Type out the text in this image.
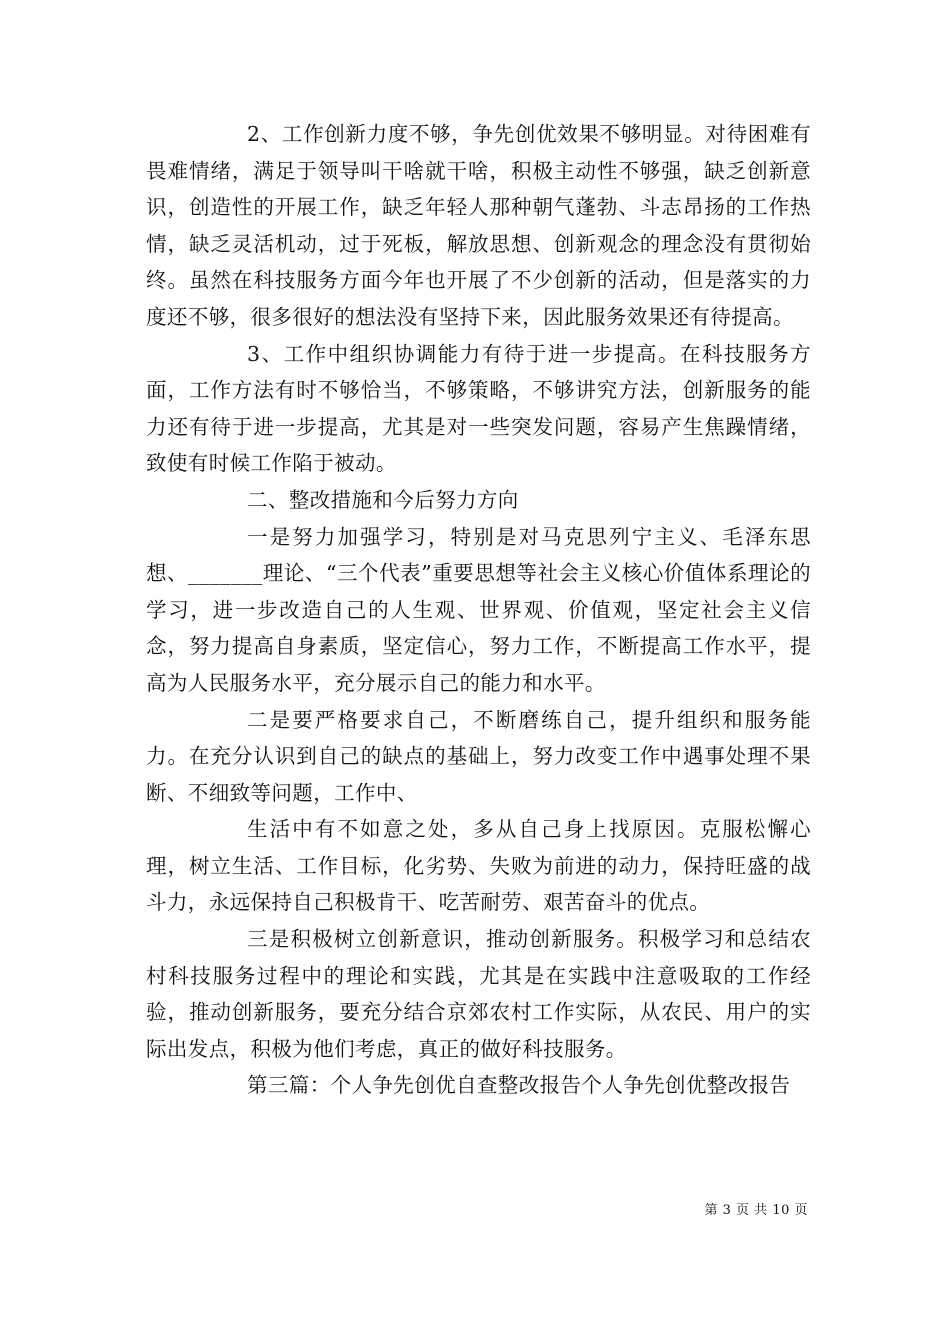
2、工作创新力度不够，争先创优效果不够明显。对待困难有畏难情绪，满足于领导叫干啥就干啥，积极主动性不够强，缺乏创新意识，创造性的开展工作，缺乏年轻人那种朝气蓬勃、斗志昂扬的工作热情，缺乏灵活机动，过于死板，解放思想、创新观念的理念没有贯彻始终。虽然在科技服务方面今年也开展了不少创新的活动，但是落实的力度还不够，很多很好的想法没有坚持下来，因此服务效果还有待提高。

3、工作中组织协调能力有待于进一步提高。在科技服务方面，工作方法有时不够恰当，不够策略，不够讲究方法，创新服务的能力还有待于进一步提高，尤其是对一些突发问题，容易产生焦躁情绪，致使有时候工作陷于被动。

二、整改措施和今后努力方向

一是努力加强学习，特别是对马克思列宁主义、毛泽东思想、_______理论、“三个代表”重要思想等社会主义核心价值体系理论的学习，进一步改造自己的人生观、世界观、价值观，坚定社会主义信念，努力提高自身素质，坚定信心，努力工作，不断提高工作水平，提高为人民服务水平，充分展示自己的能力和水平。

二是要严格要求自己，不断磨练自己，提升组织和服务能力。在充分认识到自己的缺点的基础上，努力改变工作中遇事处理不果断、不细致等问题，工作中、

生活中有不如意之处，多从自己身上找原因。克服松懈心理，树立生活、工作目标，化劣势、失败为前进的动力，保持旺盛的战斗力，永远保持自己积极肯干、吃苦耐劳、艰苦奋斗的优点。

三是积极树立创新意识，推动创新服务。积极学习和总结农村科技服务过程中的理论和实践，尤其是在实践中注意吸取的工作经验，推动创新服务，要充分结合京郊农村工作实际，从农民、用户的实际出发点，积极为他们考虑，真正的做好科技服务。

第三篇：个人争先创优自查整改报告个人争先创优整改报告

第 3 页 共 10 页
